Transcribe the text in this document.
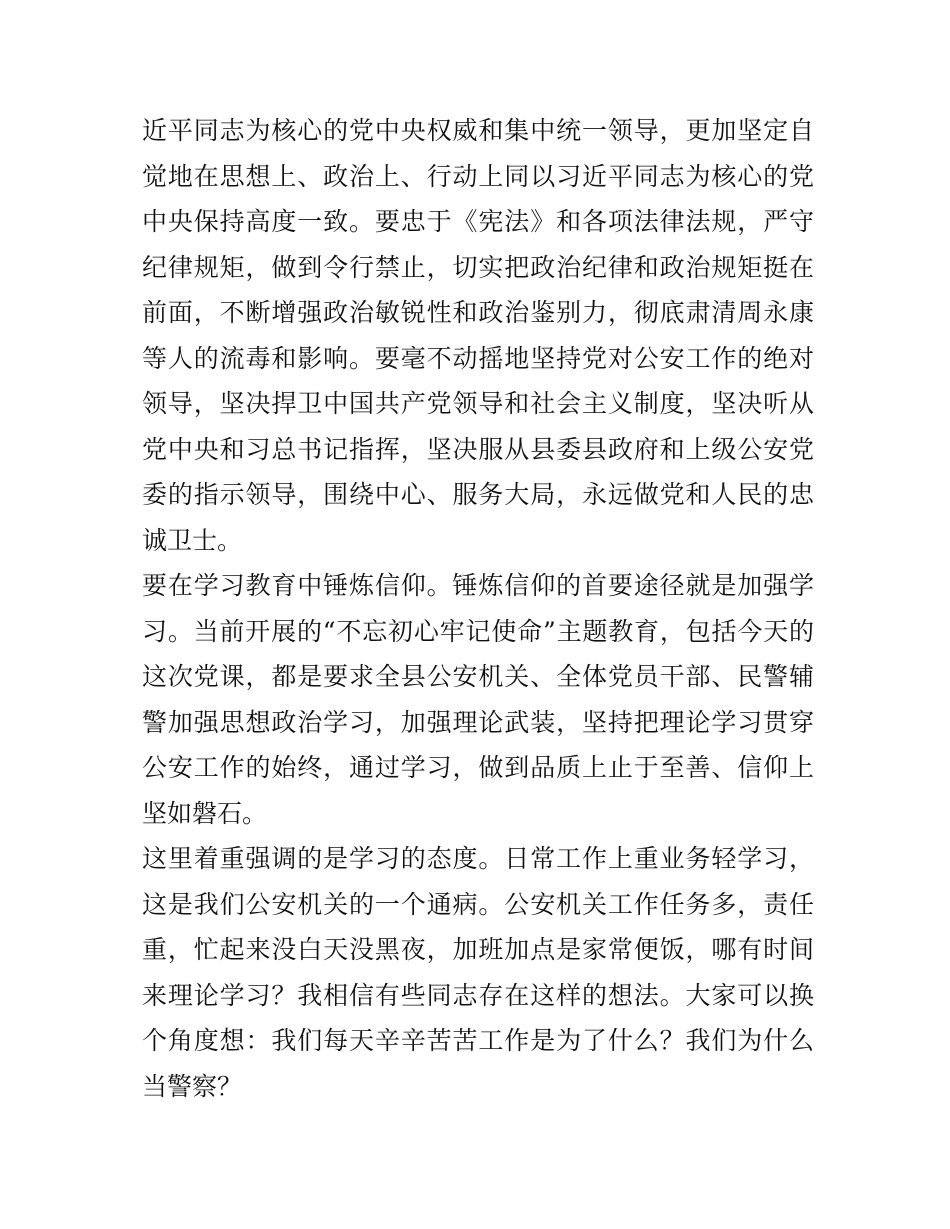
近平同志为核心的党中央权威和集中统一领导，更加坚定自觉地在思想上、政治上、行动上同以习近平同志为核心的党中央保持高度一致。要忠于《宪法》和各项法律法规，严守纪律规矩，做到令行禁止，切实把政治纪律和政治规矩挺在前面，不断增强政治敏锐性和政治鉴别力，彻底肃清周永康等人的流毒和影响。要毫不动摇地坚持党对公安工作的绝对领导，坚决捍卫中国共产党领导和社会主义制度，坚决听从党中央和习总书记指挥，坚决服从县委县政府和上级公安党委的指示领导，围绕中心、服务大局，永远做党和人民的忠诚卫士。

要在学习教育中锤炼信仰。锤炼信仰的首要途径就是加强学习。当前开展的“不忘初心牢记使命”主题教育，包括今天的这次党课，都是要求全县公安机关、全体党员干部、民警辅警加强思想政治学习，加强理论武装，坚持把理论学习贯穿公安工作的始终，通过学习，做到品质上止于至善、信仰上坚如磐石。

这里着重强调的是学习的态度。日常工作上重业务轻学习，这是我们公安机关的一个通病。公安机关工作任务多，责任重，忙起来没白天没黑夜，加班加点是家常便饭，哪有时间来理论学习？我相信有些同志存在这样的想法。大家可以换个角度想：我们每天辛辛苦苦工作是为了什么？我们为什么当警察？
